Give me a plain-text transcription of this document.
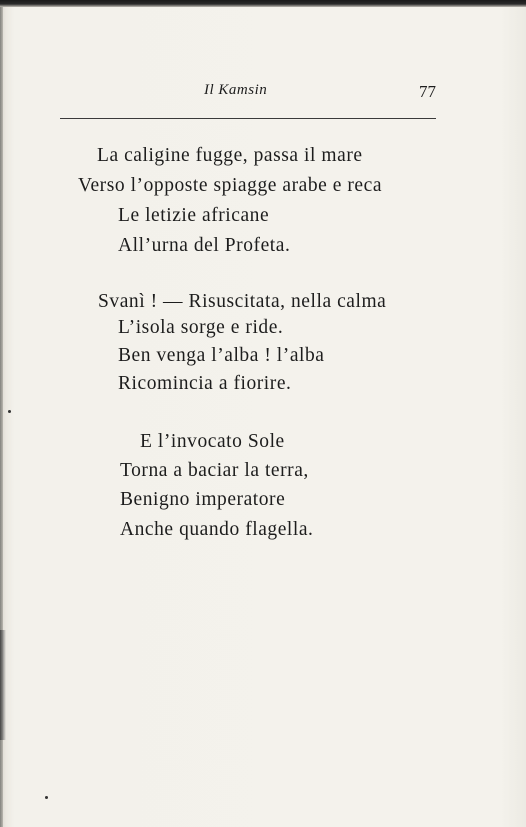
Il Kamsin	77
La caligine fugge, passa il mare
Verso l’opposte spiagge arabe e reca
Le letizie africane
All’urna del Profeta.
Svanì ! — Risuscitata, nella calma
L’isola sorge e ride.
Ben venga l’alba ! l’alba
Ricomincia a fiorire.
E l’invocato Sole
Torna a baciar la terra,
Benigno imperatore
Anche quando flagella.
